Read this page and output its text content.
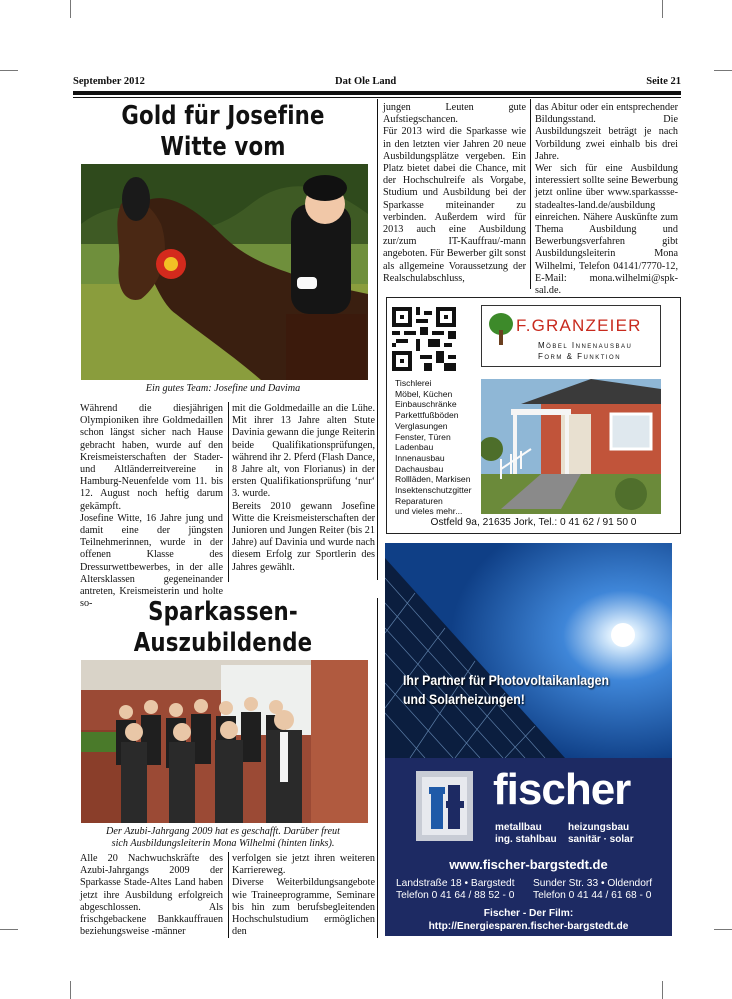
September 2012	Dat Ole Land	Seite 21
Gold für Josefine Witte vom
Ein gutes Team: Josefine und Davima

Während die diesjährigen Olympioniken ihre Goldmedaillen schon längst sicher nach Hause gebracht haben, wurde auf den Kreismeisterschaften der Stader- und Altländerreitvereine in Hamburg-Neuenfelde vom 11. bis 12. August noch heftig darum gekämpft.

Josefine Witte, 16 Jahre jung und damit eine der jüngsten Teilnehmerinnen, wurde in der offenen Klasse des Dressurwettbewerbes, in der alle Altersklassen gegeneinander antreten, Kreismeisterin und holte so-

mit die Goldmedaille an die Lühe. Mit ihrer 13 Jahre alten Stute Davinia gewann die junge Reiterin beide Qualifikationsprüfungen, während ihr 2. Pferd (Flash Dance, 8 Jahre alt, von Florianus) in der ersten Qualifikationsprüfung ‘nur‘ 3. wurde.

Bereits 2010 gewann Josefine Witte die Kreismeisterschaften der Junioren und Jungen Reiter (bis 21 Jahre) auf Davinia und wurde nach diesem Erfolg zur Sportlerin des Jahres gewählt.

jungen Leuten gute Aufstiegschancen.

Für 2013 wird die Sparkasse wie in den letzten vier Jahren 20 neue Ausbildungsplätze vergeben. Ein Platz bietet dabei die Chance, mit der Hochschulreife als Vorgabe, Studium und Ausbildung bei der Sparkasse miteinander zu verbinden. Außerdem wird für 2013 auch eine Ausbildung zur/zum IT-Kauffrau/-mann angeboten. Für Bewerber gilt sonst als allgemeine Voraussetzung der Realschulabschluss,

das Abitur oder ein entsprechender Bildungsstand. Die Ausbildungszeit beträgt je nach Vorbildung zwei einhalb bis drei Jahre.

Wer sich für eine Ausbildung interessiert sollte seine Bewerbung jetzt online über www.sparkassse-stadealtes-land.de/ausbildung einreichen. Nähere Auskünfte zum Thema Ausbildung und Bewerbungsverfahren gibt Ausbildungsleiterin Mona Wilhelmi, Telefon 04141/7770-12, E-Mail: mona.wilhelmi@spk-sal.de.

Sparkassen-Auszubildende
Der Azubi-Jahrgang 2009 hat es geschafft. Darüber freut
sich Ausbildungsleiterin Mona Wilhelmi (hinten links).

Alle 20 Nachwuchskräfte des Azubi-Jahrgangs 2009 der Sparkasse Stade-Altes Land haben jetzt ihre Ausbildung erfolgreich abgeschlossen. Als frischgebackene Bankkauffrauen beziehungsweise -männer

verfolgen sie jetzt ihren weiteren Karriereweg.

Diverse Weiterbildungsangebote wie Traineeprogramme, Seminare bis hin zum berufsbegleitenden Hochschulstudium ermöglichen den

F.GRANZEIER
Möbel Innenausbau
Form & Funktion
Tischlerei
Möbel, Küchen
Einbauschränke
Parkettfußböden
Verglasungen
Fenster, Türen
Ladenbau
Innenausbau
Dachausbau
Rollläden, Markisen
Insektenschutzgitter
Reparaturen
und vieles mehr...
Ostfeld 9a, 21635 Jork, Tel.: 0 41 62 / 91 50 0
Ihr Partner für Photovoltaikanlagen
und Solarheizungen!
fischer
metallbau
ing. stahlbau
heizungsbau
sanitär · solar
www.fischer-bargstedt.de
Landstraße 18 • Bargstedt
Telefon 0 41 64 / 88 52 - 0
Sunder Str. 33 • Oldendorf
Telefon 0 41 44 / 61 68 - 0
Fischer - Der Film:
http://Energiesparen.fischer-bargstedt.de
